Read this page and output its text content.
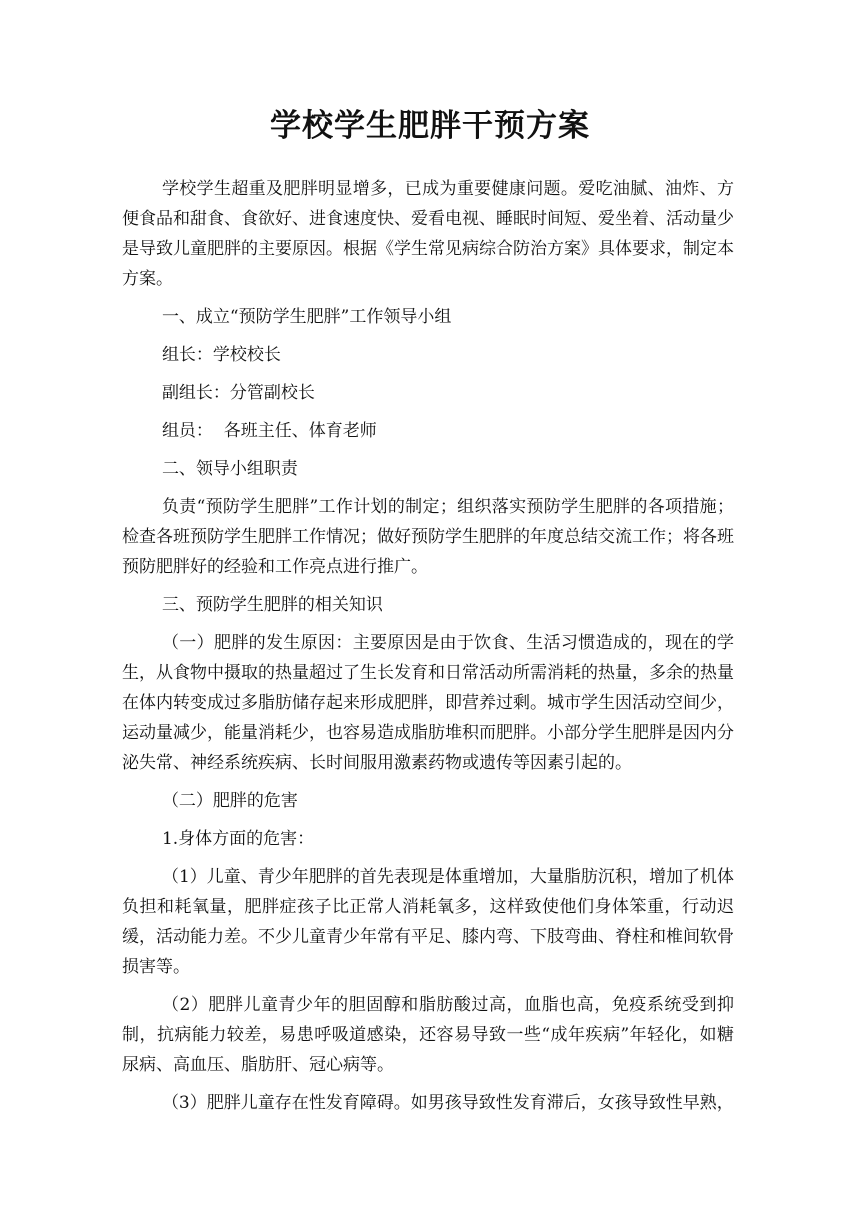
学校学生肥胖干预方案

学校学生超重及肥胖明显增多，已成为重要健康问题。爱吃油腻、油炸、方便食品和甜食、食欲好、进食速度快、爱看电视、睡眠时间短、爱坐着、活动量少是导致儿童肥胖的主要原因。根据《学生常见病综合防治方案》具体要求，制定本方案。

一、成立“预防学生肥胖”工作领导小组

组长：学校校长

副组长：分管副校长

组员：  各班主任、体育老师

二、领导小组职责

负责“预防学生肥胖”工作计划的制定；组织落实预防学生肥胖的各项措施；检查各班预防学生肥胖工作情况；做好预防学生肥胖的年度总结交流工作；将各班预防肥胖好的经验和工作亮点进行推广。

三、预防学生肥胖的相关知识

（一）肥胖的发生原因：主要原因是由于饮食、生活习惯造成的，现在的学生，从食物中摄取的热量超过了生长发育和日常活动所需消耗的热量，多余的热量在体内转变成过多脂肪储存起来形成肥胖，即营养过剩。城市学生因活动空间少，运动量减少，能量消耗少，也容易造成脂肪堆积而肥胖。小部分学生肥胖是因内分泌失常、神经系统疾病、长时间服用激素药物或遗传等因素引起的。

（二）肥胖的危害

1.身体方面的危害：

（1）儿童、青少年肥胖的首先表现是体重增加，大量脂肪沉积，增加了机体负担和耗氧量，肥胖症孩子比正常人消耗氧多，这样致使他们身体笨重，行动迟缓，活动能力差。不少儿童青少年常有平足、膝内弯、下肢弯曲、脊柱和椎间软骨损害等。

（2）肥胖儿童青少年的胆固醇和脂肪酸过高，血脂也高，免疫系统受到抑制，抗病能力较差，易患呼吸道感染，还容易导致一些“成年疾病”年轻化，如糖尿病、高血压、脂肪肝、冠心病等。

（3）肥胖儿童存在性发育障碍。如男孩导致性发育滞后，女孩导致性早熟，
